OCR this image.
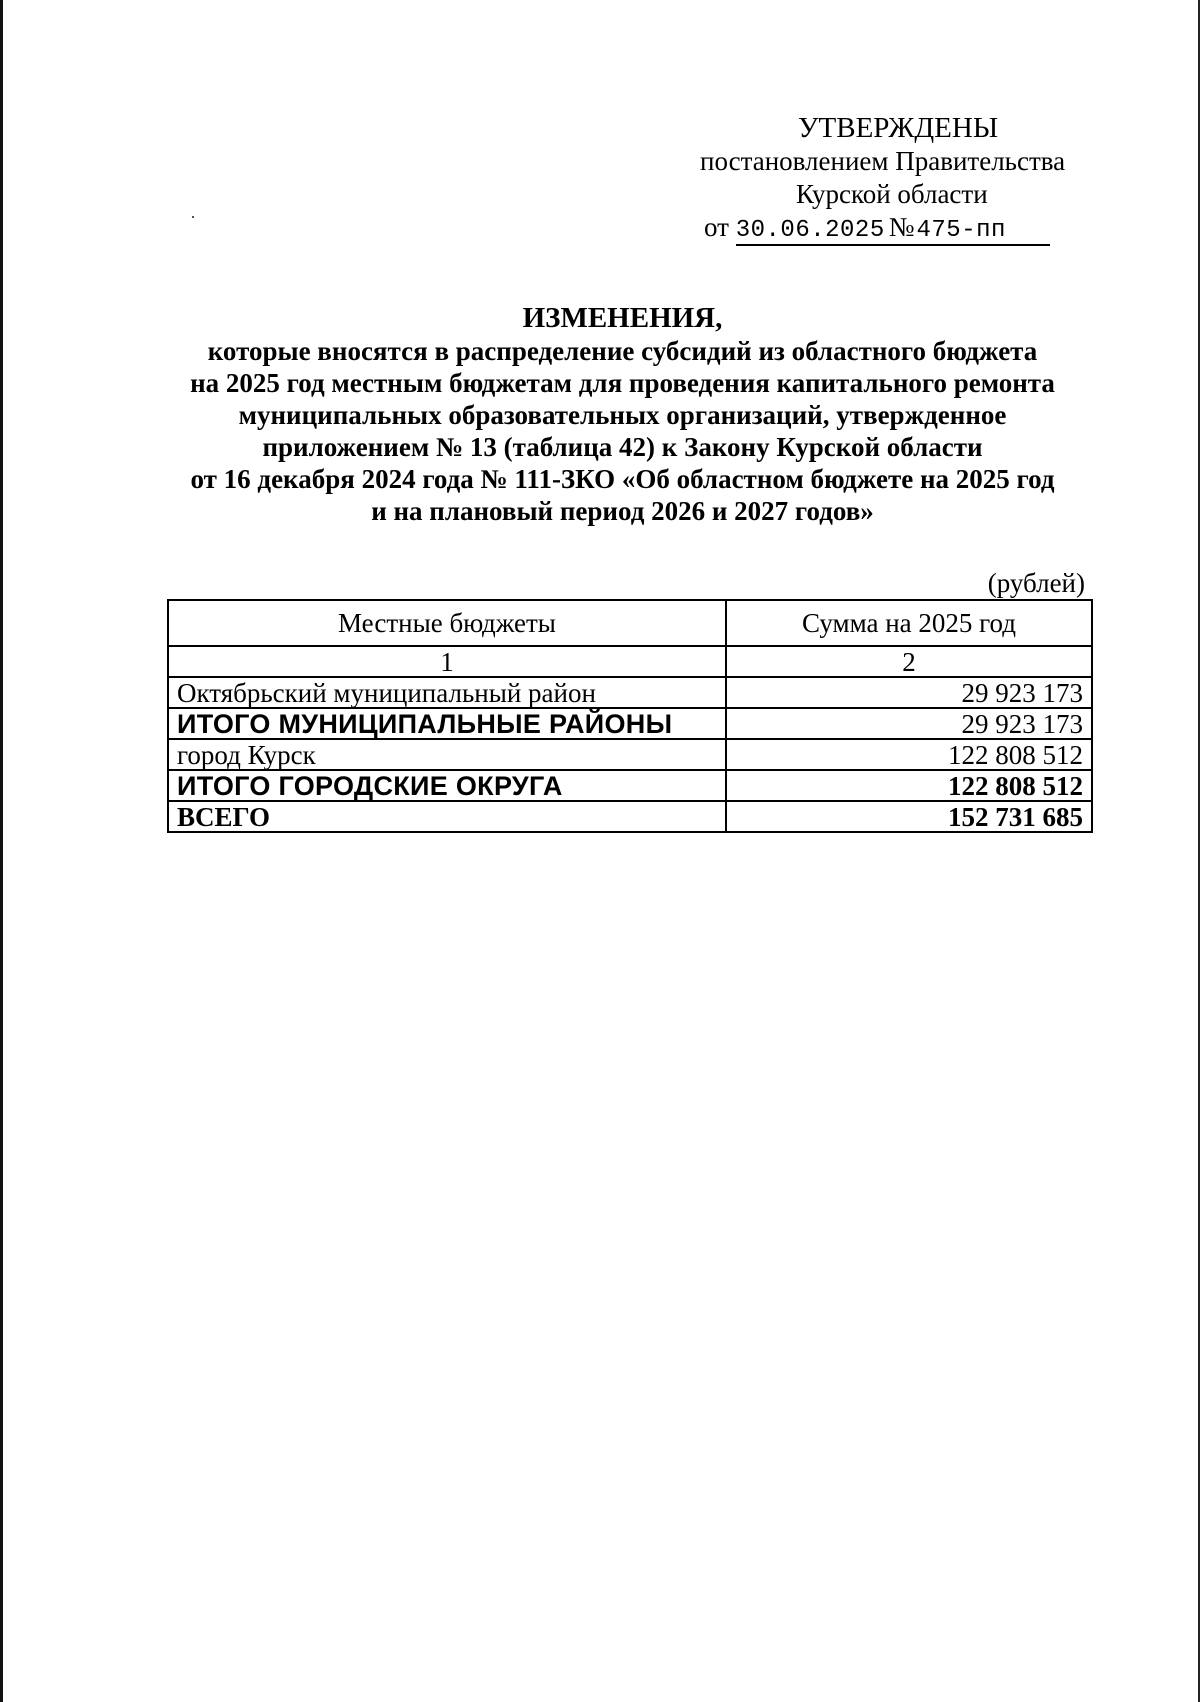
УТВЕРЖДЕНЫ
постановлением Правительства
Курской области
от 30.06.2025 №475-пп
ИЗМЕНЕНИЯ,
которые вносятся в распределение субсидий из областного бюджета
на 2025 год местным бюджетам для проведения капитального ремонта
муниципальных образовательных организаций, утвержденное
приложением № 13 (таблица 42) к Закону Курской области
от 16 декабря 2024 года № 111-ЗКО «Об областном бюджете на 2025 год
и на плановый период 2026 и 2027 годов»
(рублей)
Местные бюджеты	Сумма на 2025 год
1	2
Октябрьский муниципальный район	29 923 173
ИТОГО МУНИЦИПАЛЬНЫЕ РАЙОНЫ	29 923 173
город Курск	122 808 512
ИТОГО ГОРОДСКИЕ ОКРУГА	122 808 512
ВСЕГО	152 731 685
